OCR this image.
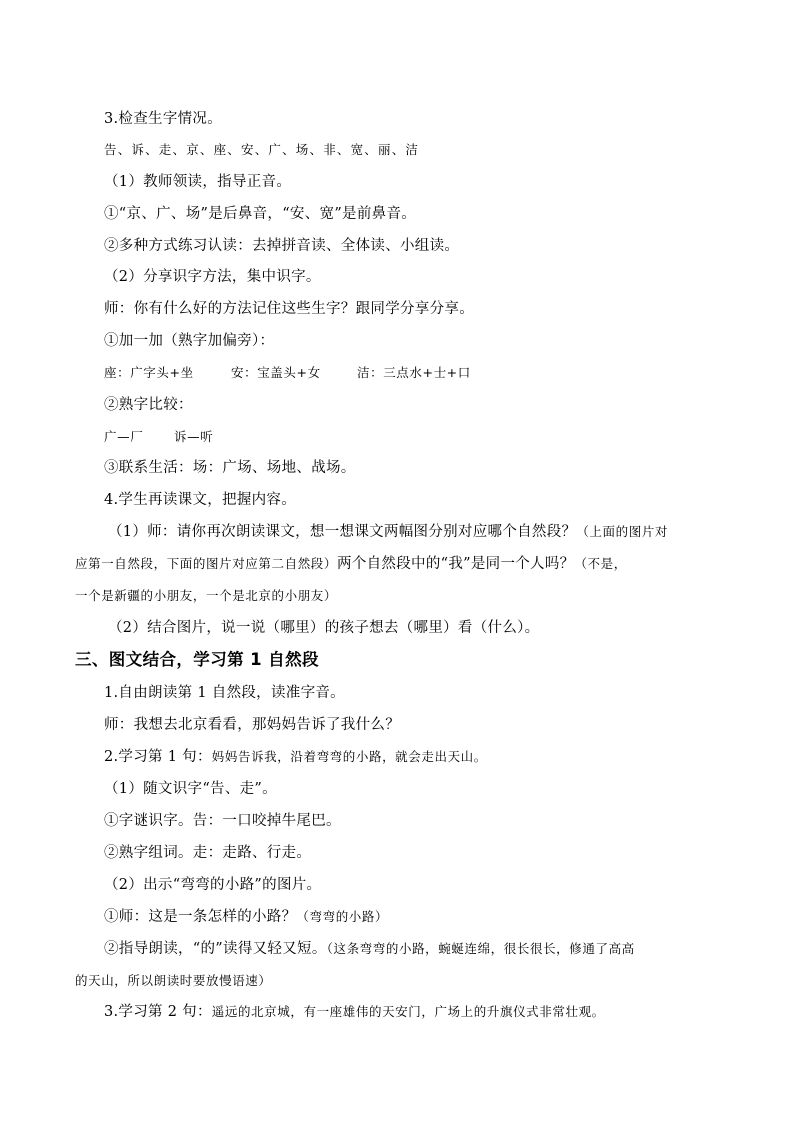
3.检查生字情况。
告、诉、走、京、座、安、广、场、非、宽、丽、洁
（1）教师领读，指导正音。
①“京、广、场”是后鼻音，“安、宽”是前鼻音。
②多种方式练习认读：去掉拼音读、全体读、小组读。
（2）分享识字方法，集中识字。
师：你有什么好的方法记住这些生字？跟同学分享分享。
①加一加（熟字加偏旁）：
座：广字头+坐	安：宝盖头+女	洁：三点水+士+口
②熟字比较：
广—厂 诉—听
③联系生活：场：广场、场地、战场。
4.学生再读课文，把握内容。
（1）师：请你再次朗读课文，想一想课文两幅图分别对应哪个自然段？（上面的图片对
应第一自然段，下面的图片对应第二自然段）两个自然段中的“我”是同一个人吗？（不是，
一个是新疆的小朋友，一个是北京的小朋友）
（2）结合图片，说一说（哪里）的孩子想去（哪里）看（什么）。
三、图文结合，学习第 1 自然段
1.自由朗读第 1 自然段，读准字音。
师：我想去北京看看，那妈妈告诉了我什么？
2.学习第 1 句：妈妈告诉我，沿着弯弯的小路，就会走出天山。
（1）随文识字“告、走”。
①字谜识字。告：一口咬掉牛尾巴。
②熟字组词。走：走路、行走。
（2）出示“弯弯的小路”的图片。
①师：这是一条怎样的小路？（弯弯的小路）
②指导朗读，“的”读得又轻又短。（这条弯弯的小路，蜿蜒连绵，很长很长，修通了高高
的天山，所以朗读时要放慢语速）
3.学习第 2 句：遥远的北京城，有一座雄伟的天安门，广场上的升旗仪式非常壮观。
